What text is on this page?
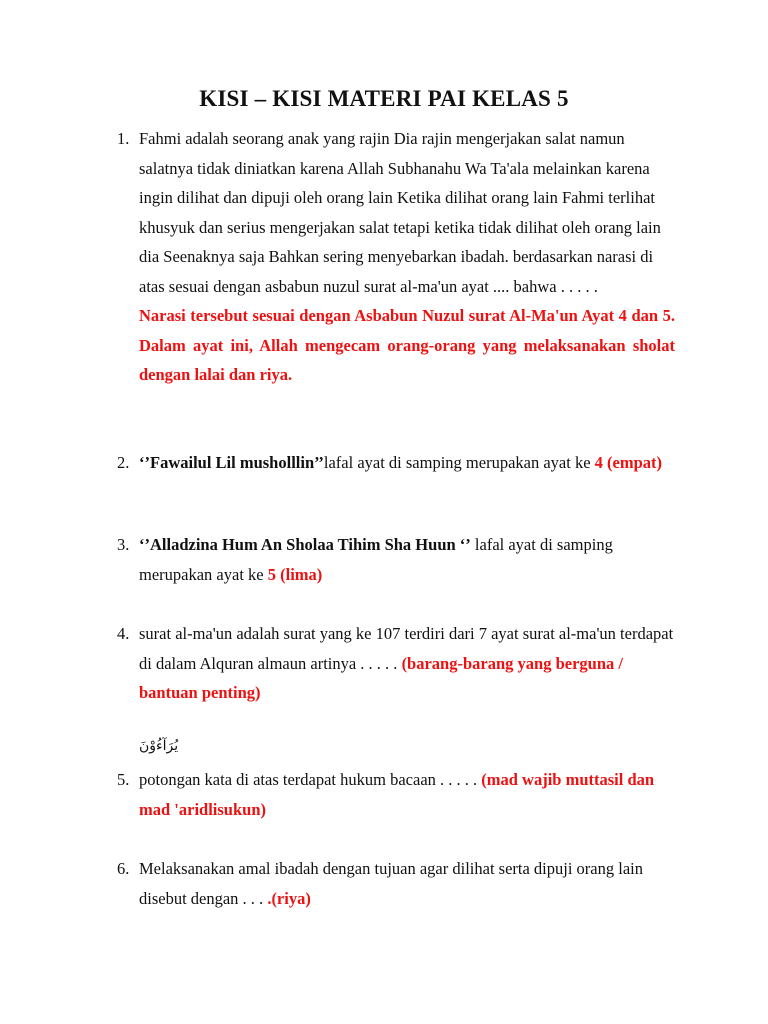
KISI – KISI MATERI PAI KELAS 5
1. Fahmi adalah seorang anak yang rajin Dia rajin mengerjakan salat namun salatnya tidak diniatkan karena Allah Subhanahu Wa Ta'ala melainkan karena ingin dilihat dan dipuji oleh orang lain Ketika dilihat orang lain Fahmi terlihat khusyuk dan serius mengerjakan salat tetapi ketika tidak dilihat oleh orang lain dia Seenaknya saja Bahkan sering menyebarkan ibadah. berdasarkan narasi di atas sesuai dengan asbabun nuzul surat al-ma'un ayat .... bahwa . . . . .
Narasi tersebut sesuai dengan Asbabun Nuzul surat Al-Ma'un Ayat 4 dan 5. Dalam ayat ini, Allah mengecam orang-orang yang melaksanakan sholat dengan lalai dan riya.
2. ‘’Fawailul Lil musholllin’’lafal ayat di samping merupakan ayat ke 4 (empat)
3. ‘’Alladzina Hum An Sholaa Tihim Sha Huun ‘’ lafal ayat di samping merupakan ayat ke 5 (lima)
4. surat al-ma'un adalah surat yang ke 107 terdiri dari 7 ayat surat al-ma'un terdapat di dalam Alquran almaun artinya . . . . . (barang-barang yang berguna / bantuan penting)
يُرَآءُوْنَ
5. potongan kata di atas terdapat hukum bacaan . . . . . (mad wajib muttasil dan mad 'aridlisukun)
6. Melaksanakan amal ibadah dengan tujuan agar dilihat serta dipuji orang lain disebut dengan . . . .(riya)
